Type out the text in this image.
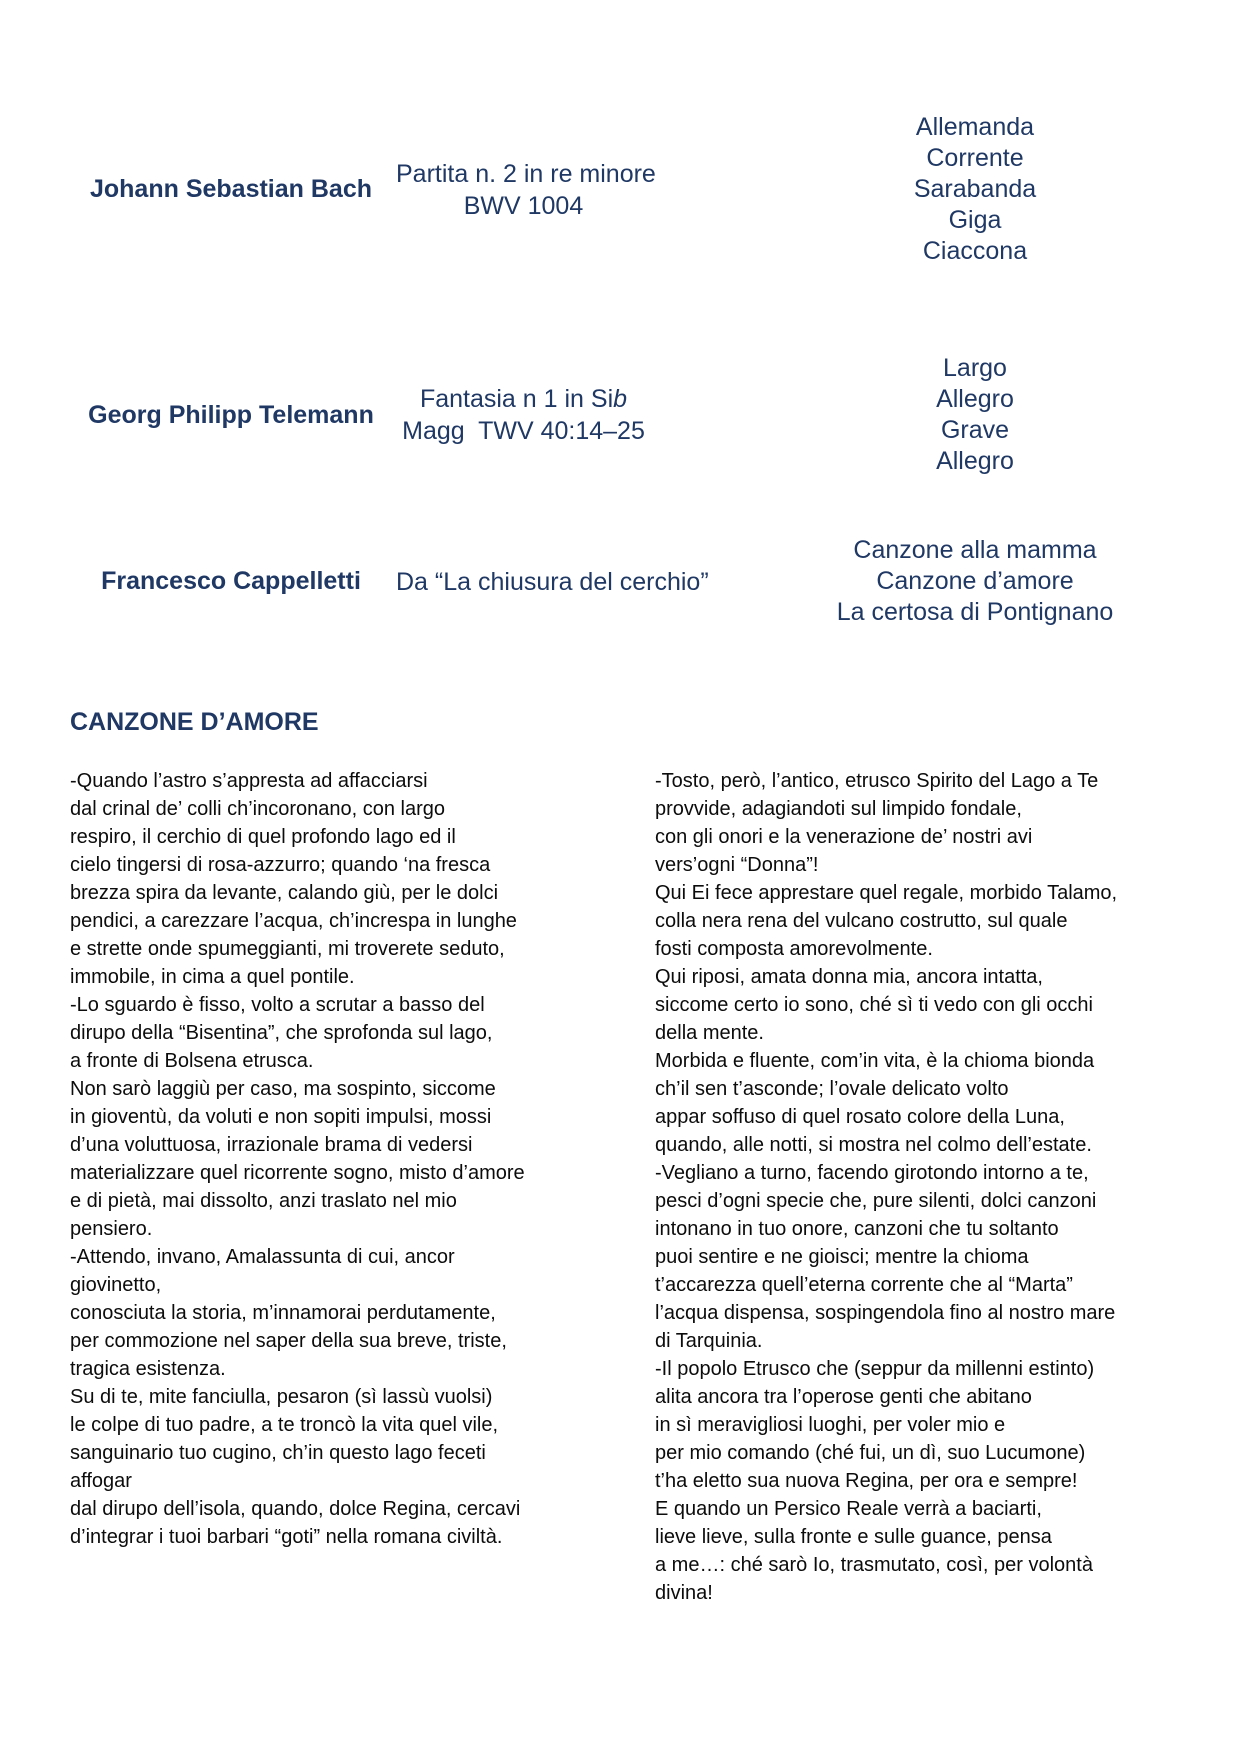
Johann Sebastian Bach
Partita n. 2 in re minore
BWV 1004
Allemanda
Corrente
Sarabanda
Giga
Ciaccona
Georg Philipp Telemann
Fantasia n 1 in Sib
Magg  TWV 40:14–25
Largo
Allegro
Grave
Allegro
Francesco Cappelletti	Da “La chiusura del cerchio”
Canzone alla mamma
Canzone d’amore
La certosa di Pontignano
CANZONE D’AMORE
-Quando l’astro s’appresta ad affacciarsi
dal crinal de’ colli ch’incoronano, con largo
respiro, il cerchio di quel profondo lago ed il
cielo tingersi di rosa-azzurro; quando ‘na fresca
brezza spira da levante, calando giù, per le dolci
pendici, a carezzare l’acqua, ch’increspa in lunghe
e strette onde spumeggianti, mi troverete seduto,
immobile, in cima a quel pontile.
-Lo sguardo è fisso, volto a scrutar a basso del
dirupo della “Bisentina”, che sprofonda sul lago,
a fronte di Bolsena etrusca.
Non sarò laggiù per caso, ma sospinto, siccome
in gioventù, da voluti e non sopiti impulsi, mossi
d’una voluttuosa, irrazionale brama di vedersi
materializzare quel ricorrente sogno, misto d’amore
e di pietà, mai dissolto, anzi traslato nel mio
pensiero.
-Attendo, invano, Amalassunta di cui, ancor
giovinetto,
conosciuta la storia, m’innamorai perdutamente,
per commozione nel saper della sua breve, triste,
tragica esistenza.
Su di te, mite fanciulla, pesaron (sì lassù vuolsi)
le colpe di tuo padre, a te troncò la vita quel vile,
sanguinario tuo cugino, ch’in questo lago feceti
affogar
dal dirupo dell’isola, quando, dolce Regina, cercavi
d’integrar i tuoi barbari “goti” nella romana civiltà.
-Tosto, però, l’antico, etrusco Spirito del Lago a Te
provvide, adagiandoti sul limpido fondale,
con gli onori e la venerazione de’ nostri avi
vers’ogni “Donna”!
Qui Ei fece apprestare quel regale, morbido Talamo,
colla nera rena del vulcano costrutto, sul quale
fosti composta amorevolmente.
Qui riposi, amata donna mia, ancora intatta,
siccome certo io sono, ché sì ti vedo con gli occhi
della mente.
Morbida e fluente, com’in vita, è la chioma bionda
ch’il sen t’asconde; l’ovale delicato volto
appar soffuso di quel rosato colore della Luna,
quando, alle notti, si mostra nel colmo dell’estate.
-Vegliano a turno, facendo girotondo intorno a te,
pesci d’ogni specie che, pure silenti, dolci canzoni
intonano in tuo onore, canzoni che tu soltanto
puoi sentire e ne gioisci; mentre la chioma
t’accarezza quell’eterna corrente che al “Marta”
l’acqua dispensa, sospingendola fino al nostro mare
di Tarquinia.
-Il popolo Etrusco che (seppur da millenni estinto)
alita ancora tra l’operose genti che abitano
in sì meravigliosi luoghi, per voler mio e
per mio comando (ché fui, un dì, suo Lucumone)
t’ha eletto sua nuova Regina, per ora e sempre!
E quando un Persico Reale verrà a baciarti,
lieve lieve, sulla fronte e sulle guance, pensa
a me…: ché sarò Io, trasmutato, così, per volontà
divina!
